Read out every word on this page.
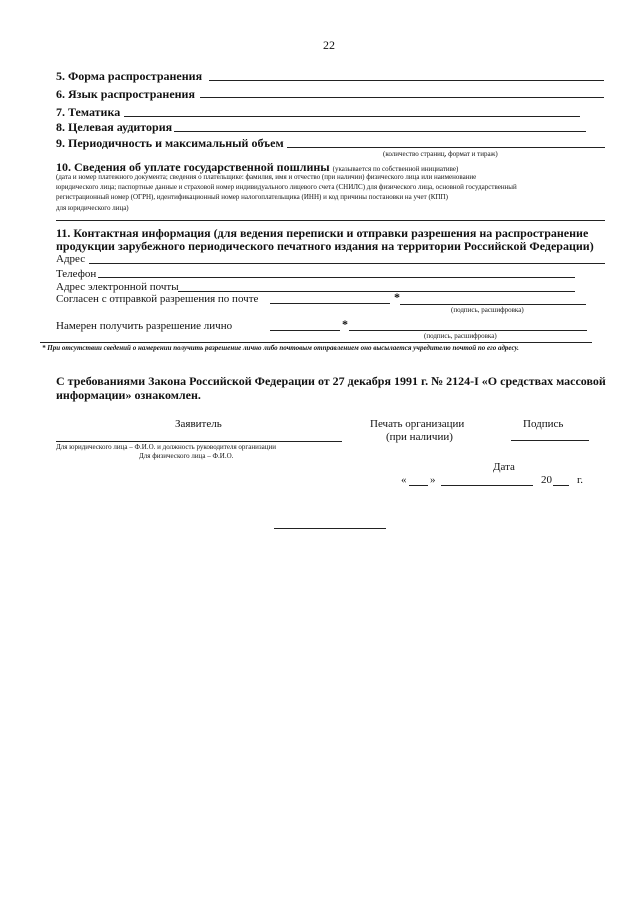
22
5. Форма распространения
6. Язык распространения
7. Тематика
8. Целевая аудитория
9. Периодичность и максимальный объем
(количество страниц, формат и тираж)
10. Сведения об уплате государственной пошлины (указывается по собственной инициативе)
(дата и номер платежного документа; сведения о плательщике: фамилия, имя и отчество (при наличии) физического лица или наименование
юридического лица; паспортные данные и страховой номер индивидуального лицевого счета (СНИЛС) для физического лица, основной государственный
регистрационный номер (ОГРН), идентификационный номер налогоплательщика (ИНН) и код причины постановки на учет (КПП)
для юридического лица)
11. Контактная информация (для ведения переписки и отправки разрешения на распространение
продукции зарубежного периодического печатного издания на территории Российской Федерации)
Адрес
Телефон
Адрес электронной почты
Согласен с отправкой разрешения по почте	*
(подпись, расшифровка)
Намерен получить разрешение лично	*
(подпись, расшифровка)
* При отсутствии сведений о намерении получить разрешение лично либо почтовым отправлением оно высылается учредителю почтой по его адресу.
С требованиями Закона Российской Федерации от 27 декабря 1991 г. № 2124-I «О средствах массовой
информации» ознакомлен.
Заявитель	Печать организации
(при наличии)
Подпись
Для юридического лица – Ф.И.О. и должность руководителя организации
Для физического лица – Ф.И.О.
Дата
« »	20 г.
